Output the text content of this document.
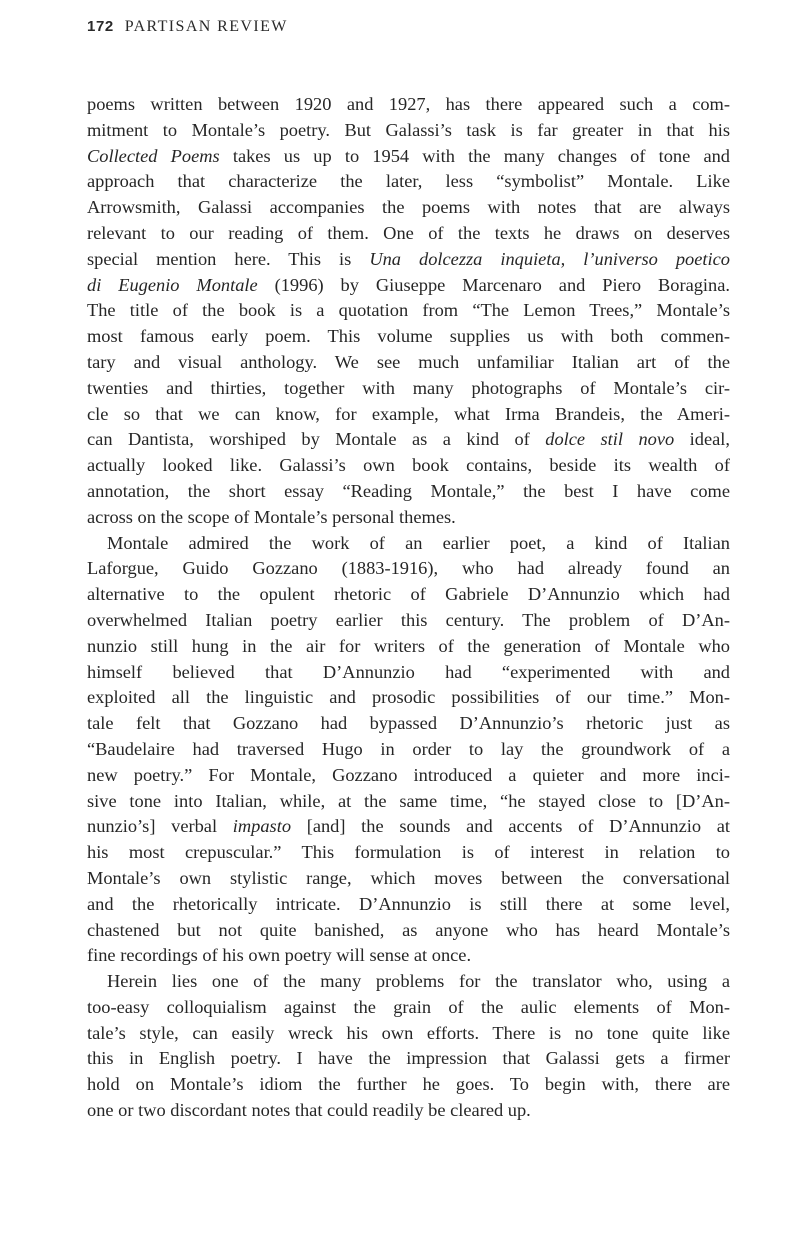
172 PARTISAN REVIEW
poems written between 1920 and 1927, has there appeared such a com-
mitment to Montale’s poetry. But Galassi’s task is far greater in that his
Collected Poems takes us up to 1954 with the many changes of tone and
approach that characterize the later, less “symbolist” Montale. Like
Arrowsmith, Galassi accompanies the poems with notes that are always
relevant to our reading of them. One of the texts he draws on deserves
special mention here. This is Una dolcezza inquieta, l’universo poetico
di Eugenio Montale (1996) by Giuseppe Marcenaro and Piero Boragina.
The title of the book is a quotation from “The Lemon Trees,” Montale’s
most famous early poem. This volume supplies us with both commen-
tary and visual anthology. We see much unfamiliar Italian art of the
twenties and thirties, together with many photographs of Montale’s cir-
cle so that we can know, for example, what Irma Brandeis, the Ameri-
can Dantista, worshiped by Montale as a kind of dolce stil novo ideal,
actually looked like. Galassi’s own book contains, beside its wealth of
annotation, the short essay “Reading Montale,” the best I have come
across on the scope of Montale’s personal themes.
Montale admired the work of an earlier poet, a kind of Italian
Laforgue, Guido Gozzano (1883-1916), who had already found an
alternative to the opulent rhetoric of Gabriele D’Annunzio which had
overwhelmed Italian poetry earlier this century. The problem of D’An-
nunzio still hung in the air for writers of the generation of Montale who
himself believed that D’Annunzio had “experimented with and
exploited all the linguistic and prosodic possibilities of our time.” Mon-
tale felt that Gozzano had bypassed D’Annunzio’s rhetoric just as
“Baudelaire had traversed Hugo in order to lay the groundwork of a
new poetry.” For Montale, Gozzano introduced a quieter and more inci-
sive tone into Italian, while, at the same time, “he stayed close to [D’An-
nunzio’s] verbal impasto [and] the sounds and accents of D’Annunzio at
his most crepuscular.” This formulation is of interest in relation to
Montale’s own stylistic range, which moves between the conversational
and the rhetorically intricate. D’Annunzio is still there at some level,
chastened but not quite banished, as anyone who has heard Montale’s
fine recordings of his own poetry will sense at once.
Herein lies one of the many problems for the translator who, using a
too-easy colloquialism against the grain of the aulic elements of Mon-
tale’s style, can easily wreck his own efforts. There is no tone quite like
this in English poetry. I have the impression that Galassi gets a firmer
hold on Montale’s idiom the further he goes. To begin with, there are
one or two discordant notes that could readily be cleared up.
